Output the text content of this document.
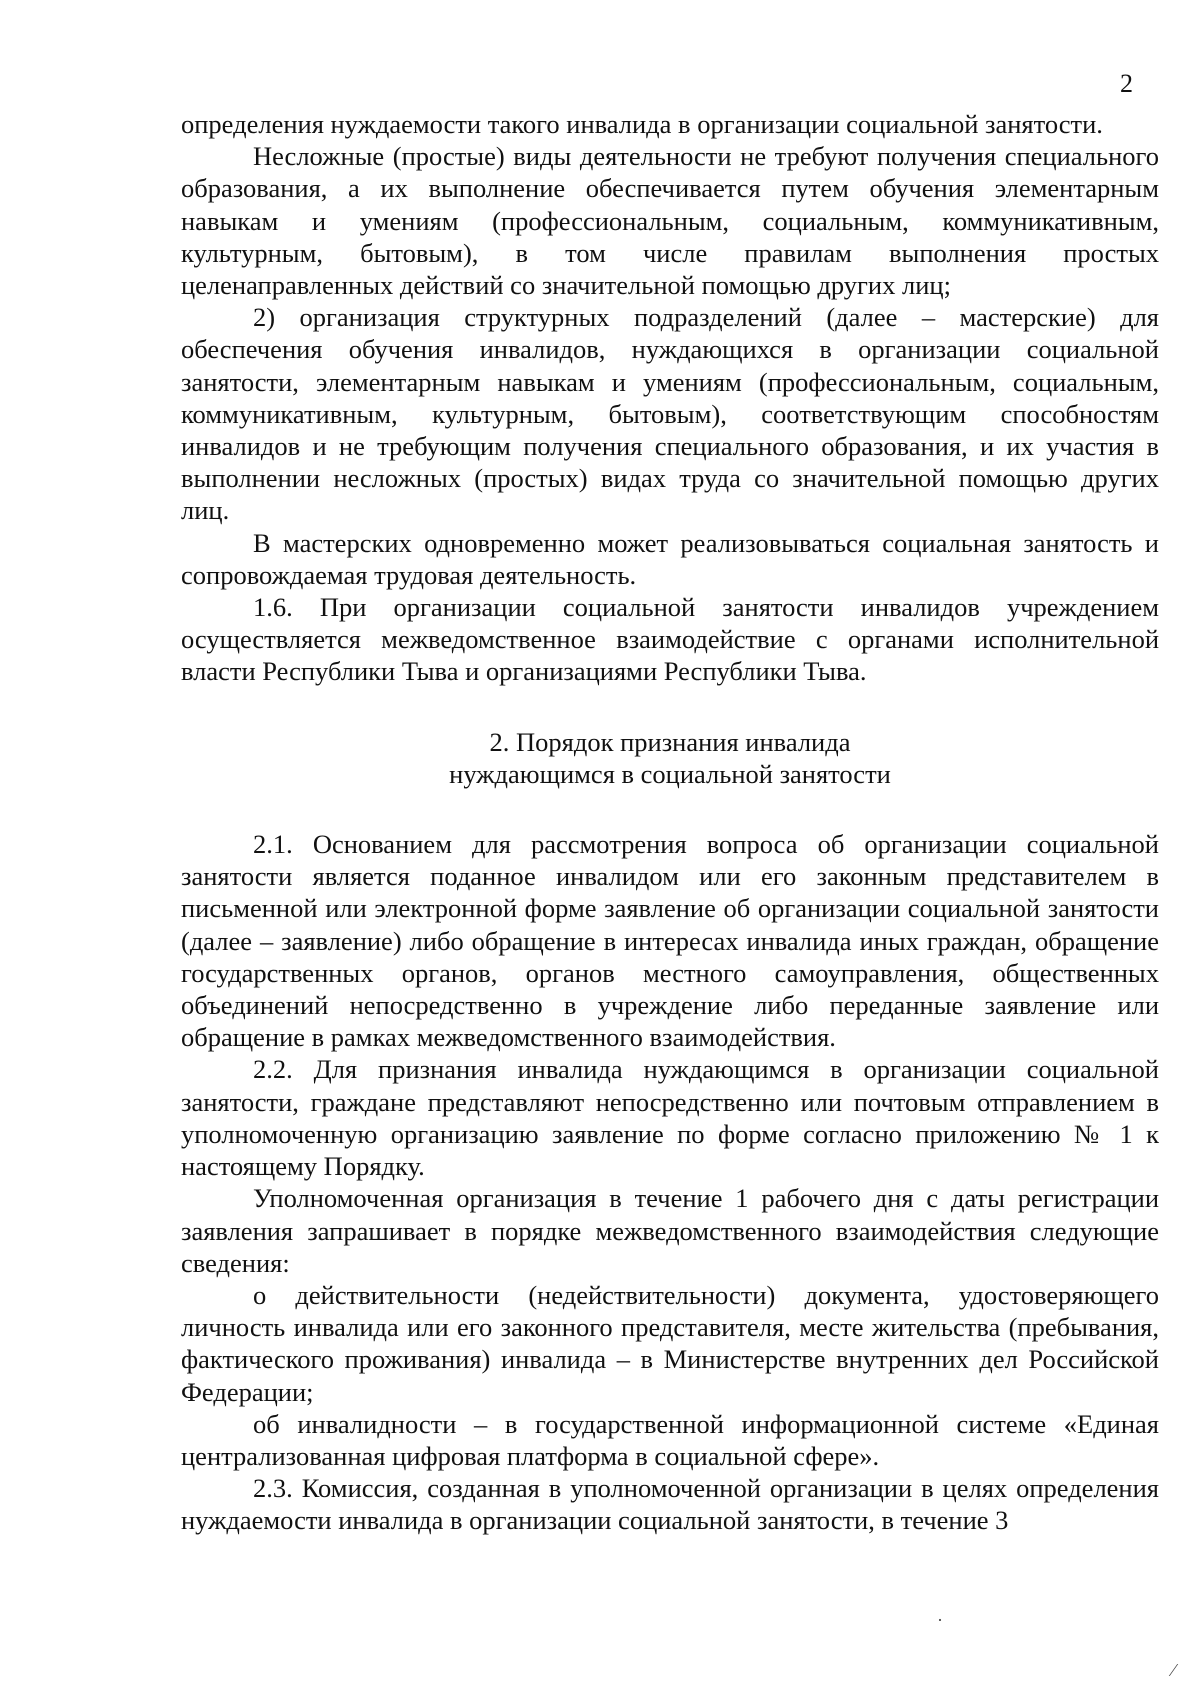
2

определения нуждаемости такого инвалида в организации социальной занятости.

Несложные (простые) виды деятельности не требуют получения специального образования, а их выполнение обеспечивается путем обучения элементарным навыкам и умениям (профессиональным, социальным, коммуникативным, культурным, бытовым), в том числе правилам выполнения простых целенаправленных действий со значительной помощью других лиц;

2) организация структурных подразделений (далее – мастерские) для обеспечения обучения инвалидов, нуждающихся в организации социальной занятости, элементарным навыкам и умениям (профессиональным, социальным, коммуникативным, культурным, бытовым), соответствующим способностям инвалидов и не требующим получения специального образования, и их участия в выполнении несложных (простых) видах труда со значительной помощью других лиц.

В мастерских одновременно может реализовываться социальная занятость и сопровождаемая трудовая деятельность.

1.6. При организации социальной занятости инвалидов учреждением осуществляется межведомственное взаимодействие с органами исполнительной власти Республики Тыва и организациями Республики Тыва.

2. Порядок признания инвалида
нуждающимся в социальной занятости

2.1. Основанием для рассмотрения вопроса об организации социальной занятости является поданное инвалидом или его законным представителем в письменной или электронной форме заявление об организации социальной занятости (далее – заявление) либо обращение в интересах инвалида иных граждан, обращение государственных органов, органов местного самоуправления, общественных объединений непосредственно в учреждение либо переданные заявление или обращение в рамках межведомственного взаимодействия.

2.2. Для признания инвалида нуждающимся в организации социальной занятости, граждане представляют непосредственно или почтовым отправлением в уполномоченную организацию заявление по форме согласно приложению № 1 к настоящему Порядку.

Уполномоченная организация в течение 1 рабочего дня с даты регистрации заявления запрашивает в порядке межведомственного взаимодействия следующие сведения:

о действительности (недействительности) документа, удостоверяющего личность инвалида или его законного представителя, месте жительства (пребывания, фактического проживания) инвалида – в Министерстве внутренних дел Российской Федерации;

об инвалидности – в государственной информационной системе «Единая централизованная цифровая платформа в социальной сфере».

2.3. Комиссия, созданная в уполномоченной организации в целях определения нуждаемости инвалида в организации социальной занятости, в течение 3

·
⁄
